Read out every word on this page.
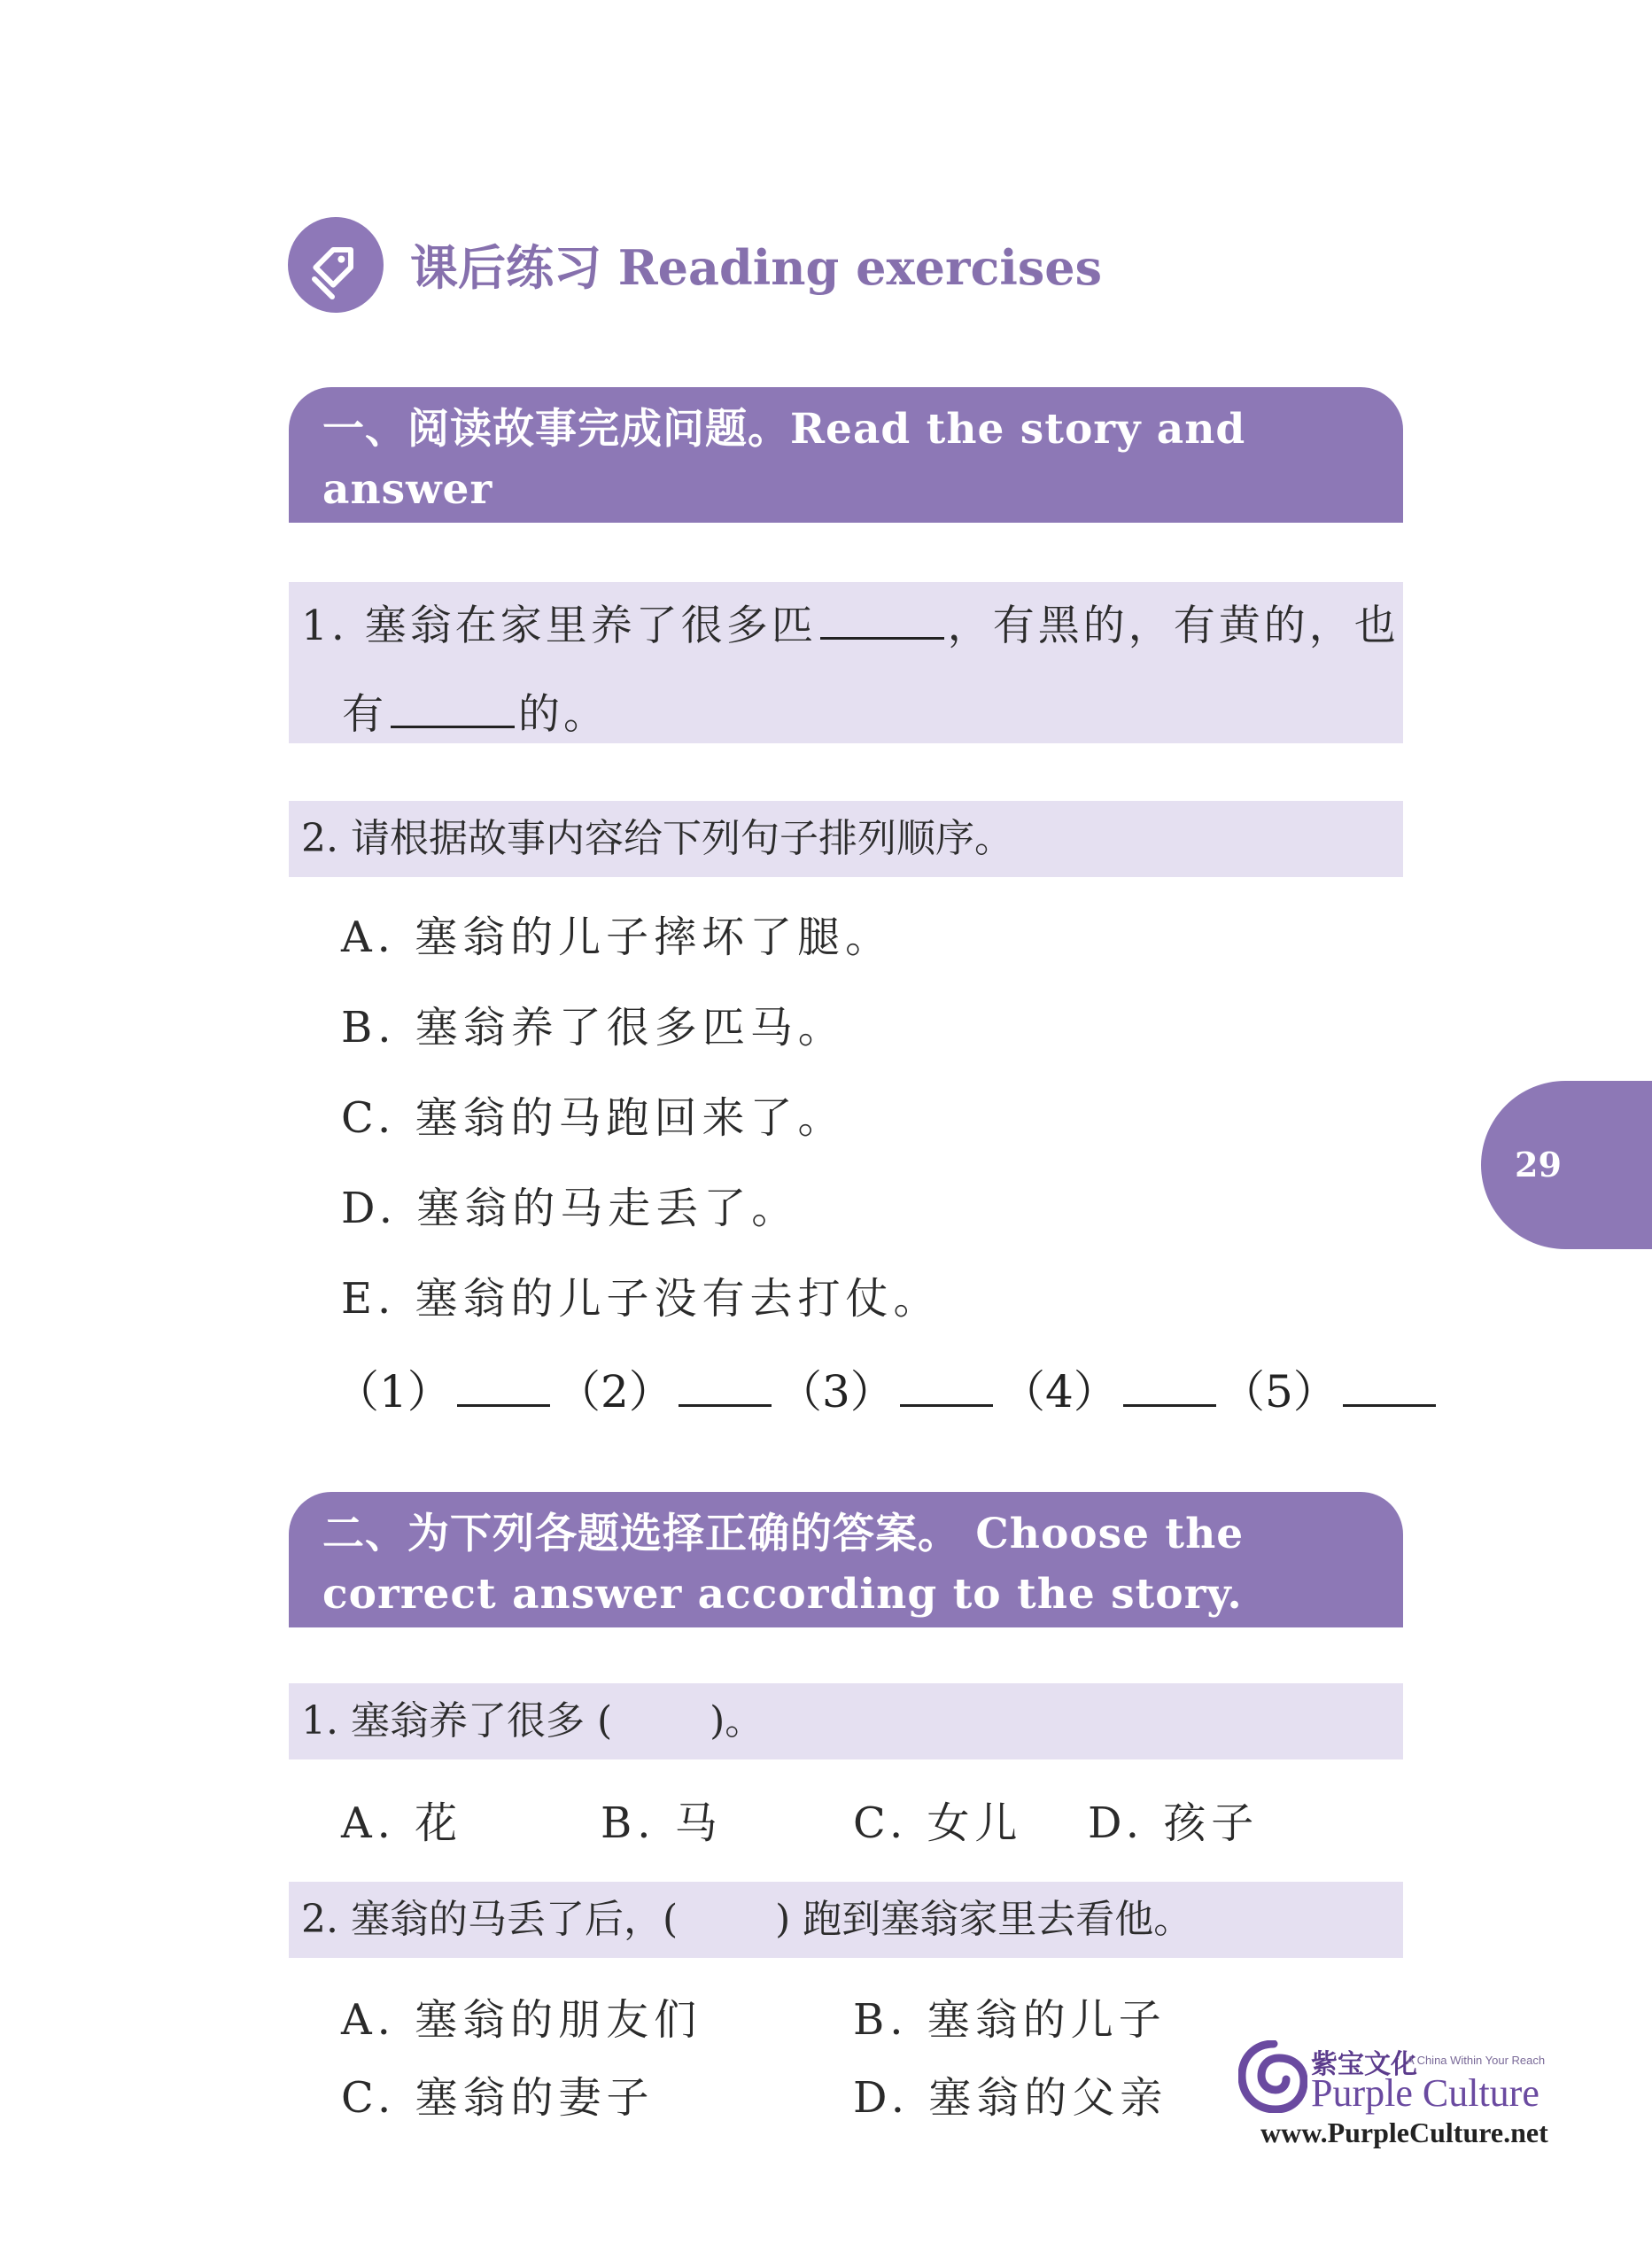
课后练习 Reading exercises
一、阅读故事完成问题。Read the story and answer
the following questions.
1. 塞翁在家里养了很多匹	，有黑的，有黄的，也
有	的。
2. 请根据故事内容给下列句子排列顺序。
A. 塞翁的儿子摔坏了腿。
B. 塞翁养了很多匹马。
C. 塞翁的马跑回来了。
D. 塞翁的马走丢了。
E. 塞翁的儿子没有去打仗。
（1）	（2）	（3）	（4）	（5）
二、为下列各题选择正确的答案。 Choose the
correct answer according to the story.
1. 塞翁养了很多 (	)。
A. 花	B. 马	C. 女儿 D. 孩子
2. 塞翁的马丢了后，(	) 跑到塞翁家里去看他。
A. 塞翁的朋友们	B. 塞翁的儿子
C. 塞翁的妻子	D. 塞翁的父亲
29
紫宝文化
A China Within Your Reach
Purple Culture
www.PurpleCulture.net
